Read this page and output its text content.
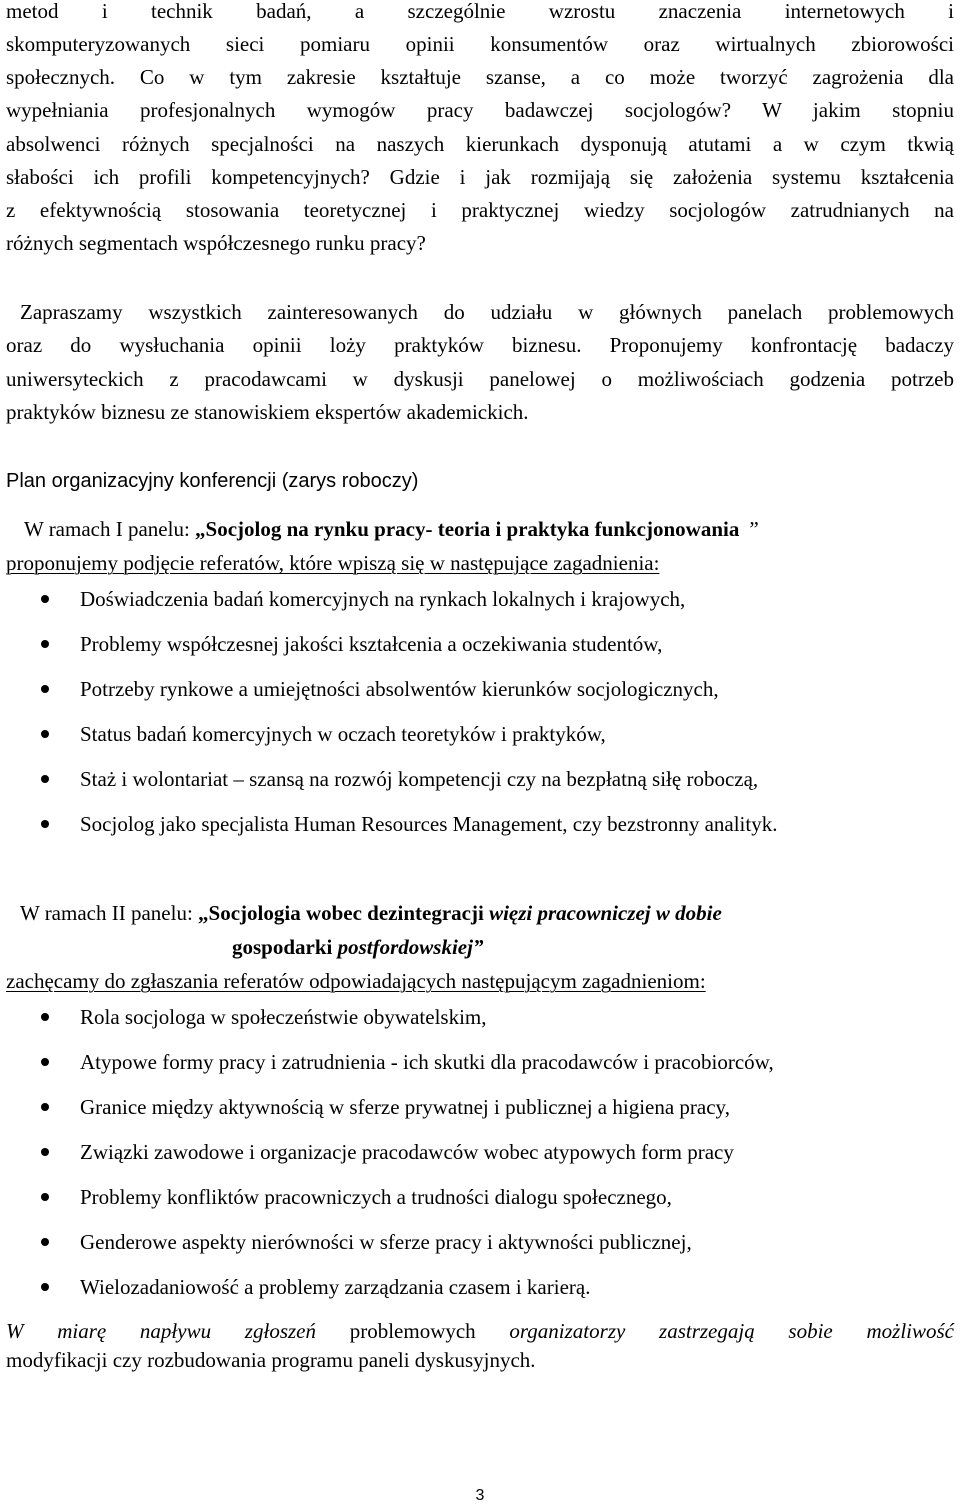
metod i technik badań, a szczególnie wzrostu znaczenia internetowych i
skomputeryzowanych sieci pomiaru opinii konsumentów oraz wirtualnych zbiorowości
społecznych. Co w tym zakresie kształtuje szanse, a co może tworzyć zagrożenia dla
wypełniania profesjonalnych wymogów pracy badawczej socjologów? W jakim stopniu
absolwenci różnych specjalności na naszych kierunkach dysponują atutami a w czym tkwią
słabości ich profili kompetencyjnych? Gdzie i jak rozmijają się założenia systemu kształcenia
z efektywnością stosowania teoretycznej i praktycznej wiedzy socjologów zatrudnianych na
różnych segmentach współczesnego runku pracy?
Zapraszamy wszystkich zainteresowanych do udziału w głównych panelach problemowych
oraz do wysłuchania opinii loży praktyków biznesu. Proponujemy konfrontację badaczy
uniwersyteckich z pracodawcami w dyskusji panelowej o możliwościach godzenia potrzeb
praktyków biznesu ze stanowiskiem ekspertów akademickich.
Plan organizacyjny konferencji (zarys roboczy)
W ramach I panelu: „Socjolog na rynku pracy- teoria i praktyka funkcjonowania ”
proponujemy podjęcie referatów, które wpiszą się w następujące zagadnienia:
Doświadczenia badań komercyjnych na rynkach lokalnych i krajowych,
Problemy współczesnej jakości kształcenia a oczekiwania studentów,
Potrzeby rynkowe a umiejętności absolwentów kierunków socjologicznych,
Status badań komercyjnych w oczach teoretyków i praktyków,
Staż i wolontariat – szansą na rozwój kompetencji czy na bezpłatną siłę roboczą,
Socjolog jako specjalista Human Resources Management, czy bezstronny analityk.
W ramach II panelu: „Socjologia wobec dezintegracji więzi pracowniczej w dobie
gospodarki postfordowskiej”
zachęcamy do zgłaszania referatów odpowiadających następującym zagadnieniom:
Rola socjologa w społeczeństwie obywatelskim,
Atypowe formy pracy i zatrudnienia - ich skutki dla pracodawców i pracobiorców,
Granice między aktywnością w sferze prywatnej i publicznej a higiena pracy,
Związki zawodowe i organizacje pracodawców wobec atypowych form pracy
Problemy konfliktów pracowniczych a trudności dialogu społecznego,
Genderowe aspekty nierówności w sferze pracy i aktywności publicznej,
Wielozadaniowość a problemy zarządzania czasem i karierą.
W miarę napływu zgłoszeń problemowych organizatorzy zastrzegają sobie możliwość
modyfikacji czy rozbudowania programu paneli dyskusyjnych.
3
